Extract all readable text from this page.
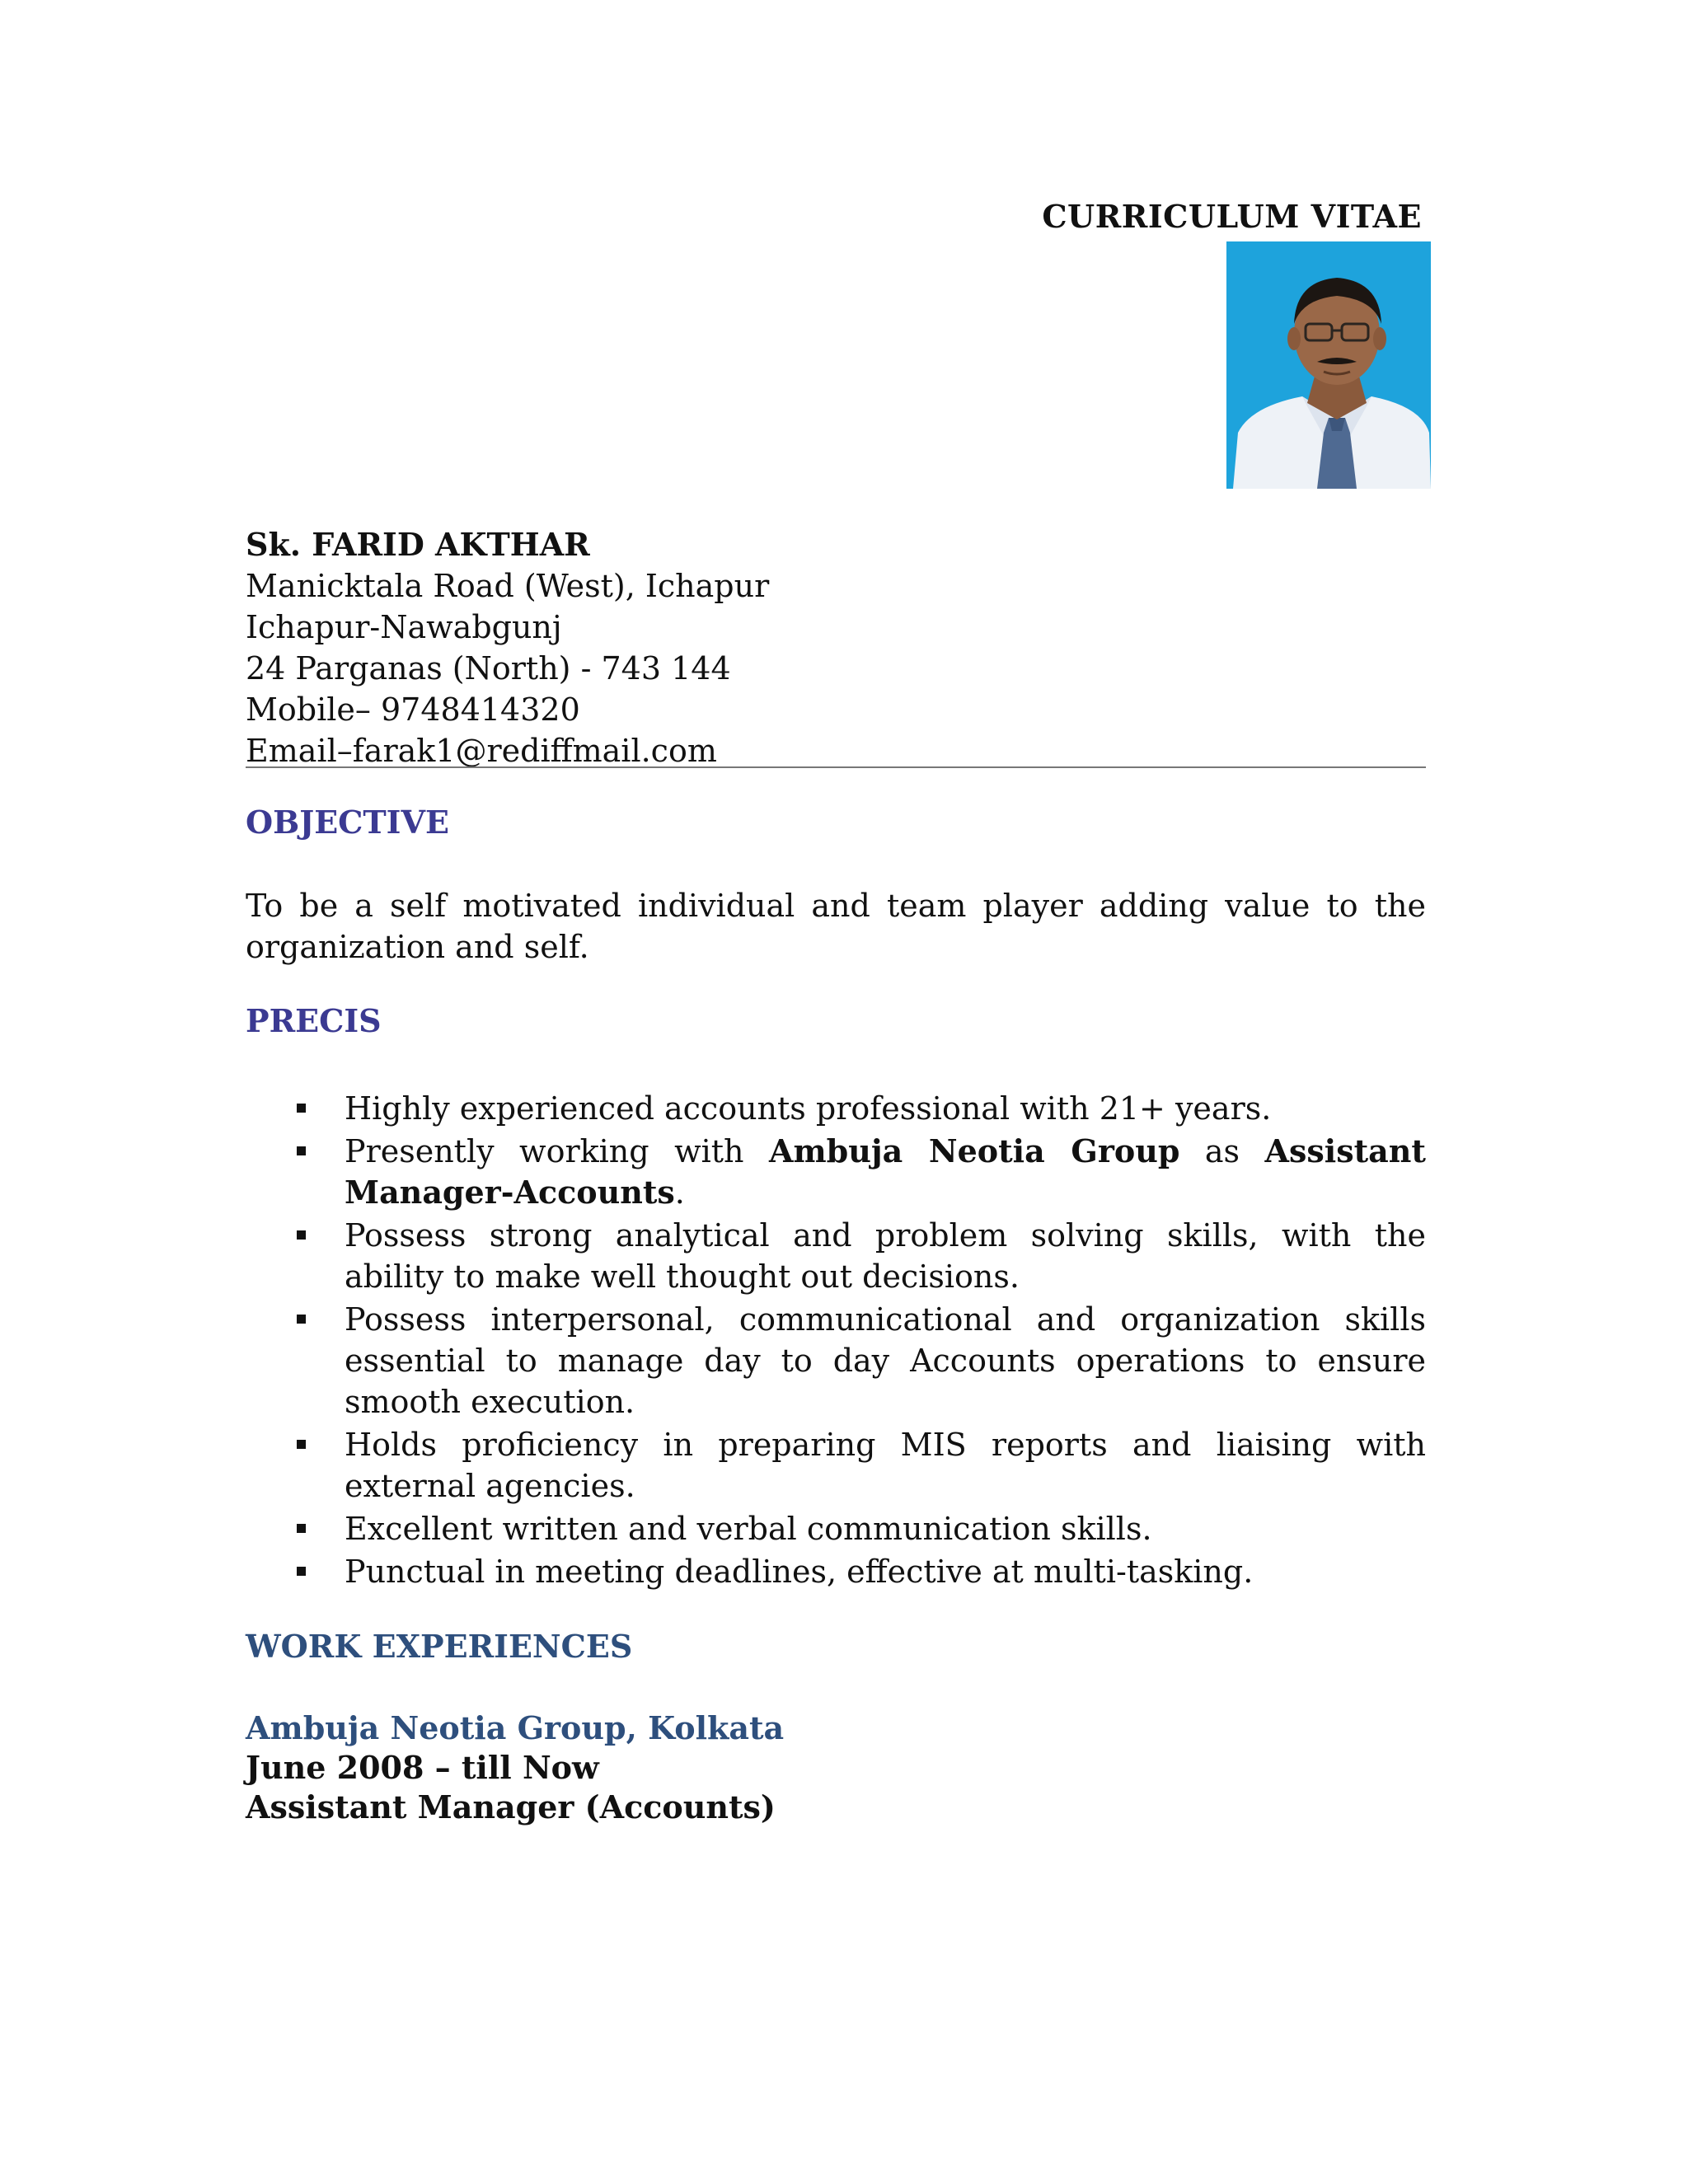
CURRICULUM VITAE
Sk. FARID AKTHAR
Manicktala Road (West), Ichapur
Ichapur-Nawabgunj
24 Parganas (North) - 743 144
Mobile– 9748414320
Email–farak1@rediffmail.com
OBJECTIVE
To be a self motivated individual and team player adding value to the
organization and self.
PRECIS
Highly experienced accounts professional with 21+ years.
Presently working with Ambuja Neotia Group as Assistant Manager-Accounts.
Possess strong analytical and problem solving skills, with the ability to make well thought out decisions.
Possess interpersonal, communicational and organization skills essential to manage day to day Accounts operations to ensure smooth execution.
Holds proficiency in preparing MIS reports and liaising with external agencies.
Excellent written and verbal communication skills.
Punctual in meeting deadlines, effective at multi-tasking.
WORK EXPERIENCES
Ambuja Neotia Group, Kolkata
June 2008 – till Now
Assistant Manager (Accounts)
